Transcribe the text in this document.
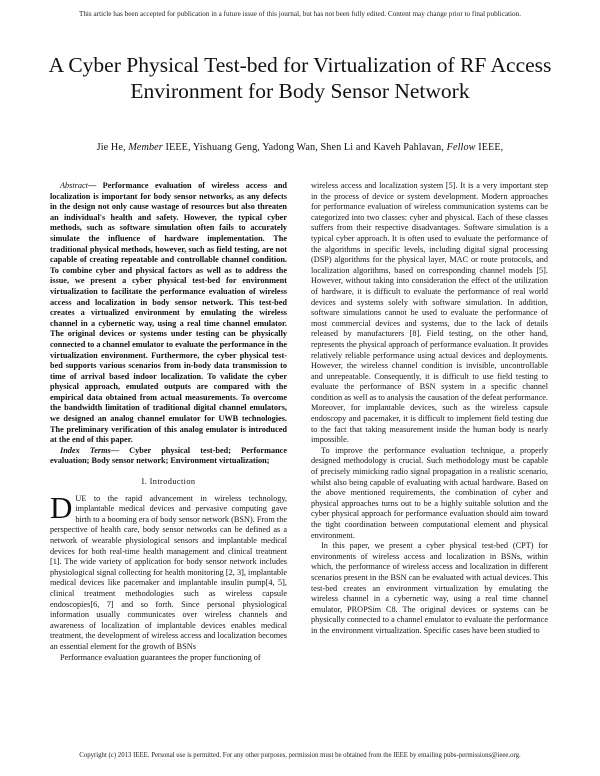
This article has been accepted for publication in a future issue of this journal, but has not been fully edited. Content may change prior to final publication.
A Cyber Physical Test-bed for Virtualization of RF Access Environment for Body Sensor Network
Jie He, Member IEEE, Yishuang Geng, Yadong Wan, Shen Li and Kaveh Pahlavan, Fellow IEEE,

Abstract— Performance evaluation of wireless access and localization is important for body sensor networks, as any defects in the design not only cause wastage of resources but also threaten an individual's health and safety. However, the typical cyber methods, such as software simulation often fails to accurately simulate the influence of hardware implementation. The traditional physical methods, however, such as field testing, are not capable of creating repeatable and controllable channel condition. To combine cyber and physical factors as well as to address the issue, we present a cyber physical test-bed for environment virtualization to facilitate the performance evaluation of wireless access and localization in body sensor network. This test-bed creates a virtualized environment by emulating the wireless channel in a cybernetic way, using a real time channel emulator. The original devices or systems under testing can be physically connected to a channel emulator to evaluate the performance in the virtualization environment. Furthermore, the cyber physical test-bed supports various scenarios from in-body data transmission to time of arrival based indoor localization. To validate the cyber physical approach, emulated outputs are compared with the empirical data obtained from actual measurements. To overcome the bandwidth limitation of traditional digital channel emulators, we designed an analog channel emulator for UWB technologies. The preliminary verification of this analog emulator is introduced at the end of this paper.

Index Terms— Cyber physical test-bed; Performance evaluation; Body sensor network; Environment virtualization;

I. Introduction

DUE to the rapid advancement in wireless technology, implantable medical devices and pervasive computing gave birth to a booming era of body sensor network (BSN). From the perspective of health care, body sensor networks can be defined as a network of wearable physiological sensors and implantable medical devices for both real-time health management and clinical treatment [1]. The wide variety of application for body sensor network includes physiological signal collecting for health monitoring [2, 3], implantable medical devices like pacemaker and implantable insulin pump[4, 5], clinical treatment methodologies such as wireless capsule endoscopies[6, 7] and so forth. Since personal physiological information usually communicates over wireless channels and awareness of localization of implantable devices enables medical treatment, the development of wireless access and localization becomes an essential element for the growth of BSNs

Performance evaluation guarantees the proper functioning of

wireless access and localization system [5]. It is a very important step in the process of device or system development. Modern approaches for performance evaluation of wireless communication systems can be categorized into two classes: cyber and physical. Each of these classes suffers from their respective disadvantages. Software simulation is a typical cyber approach. It is often used to evaluate the performance of the algorithms in specific levels, including digital signal processing (DSP) algorithms for the physical layer, MAC or route protocols, and localization algorithms, based on corresponding channel models [5]. However, without taking into consideration the effect of the utilization of hardware, it is difficult to evaluate the performance of real world devices and systems solely with software simulation. In addition, software simulations cannot be used to evaluate the performance of most commercial devices and systems, due to the lack of details released by manufacturers [8]. Field testing, on the other hand, represents the physical approach of performance evaluation. It provides relatively reliable performance using actual devices and deployments. However, the wireless channel condition is invisible, uncontrollable and unrepeatable. Consequently, it is difficult to use field testing to evaluate the performance of BSN system in a specific channel condition as well as to analysis the causation of the defeat performance. Moreover, for implantable devices, such as the wireless capsule endoscopy and pacemaker, it is difficult to implement field testing due to the fact that taking measurement inside the human body is nearly impossible.

To improve the performance evaluation technique, a properly designed methodology is crucial. Such methodology must be capable of precisely mimicking radio signal propagation in a realistic scenario, whilst also being capable of evaluating with actual hardware. Based on the above mentioned requirements, the combination of cyber and physical approaches turns out to be a highly suitable solution and the cyber physical approach for performance evaluation should aim toward the tight coordination between computational element and physical environment.

In this paper, we present a cyber physical test-bed (CPT) for environments of wireless access and localization in BSNs, within which, the performance of wireless access and localization in different scenarios present in the BSN can be evaluated with actual devices. This test-bed creates an environment virtualization by emulating the wireless channel in a cybernetic way, using a real time channel emulator, PROPSim C8. The original devices or systems can be physically connected to a channel emulator to evaluate the performance in the environment virtualization. Specific cases have been studied to

Copyright (c) 2013 IEEE. Personal use is permitted. For any other purposes, permission must be obtained from the IEEE by emailing pubs-permissions@ieee.org.
